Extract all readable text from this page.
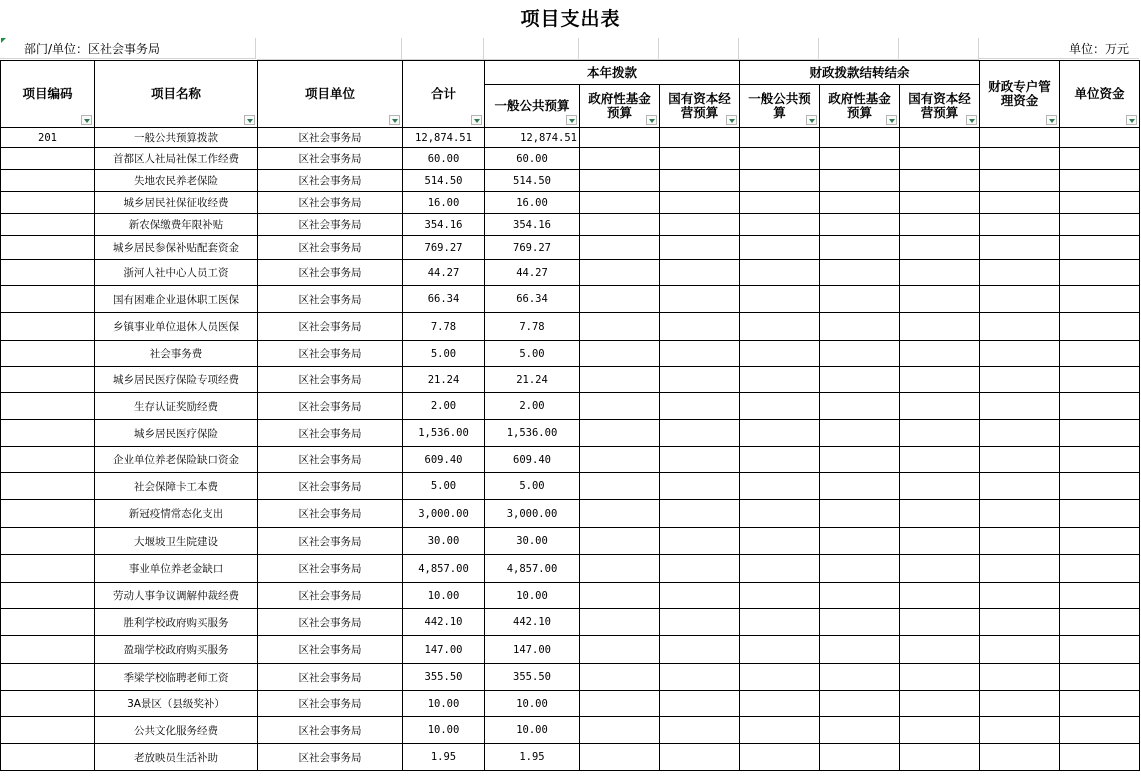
项目支出表
部门/单位：区社会事务局	单位：万元
项目编码	项目名称	项目单位	合计	本年拨款			财政拨款结转结余			财政专户管理资金	单位资金

				一般公共预算	政府性基金预算	国有资本经营预算	一般公共预算	政府性基金预算	国有资本经营预算		

201	一般公共预算拨款	区社会事务局	12,874.51	12,874.51							
	首都区人社局社保工作经费	区社会事务局	60.00	60.00							
	失地农民养老保险	区社会事务局	514.50	514.50							
	城乡居民社保征收经费	区社会事务局	16.00	16.00							
	新农保缴费年限补贴	区社会事务局	354.16	354.16							
	城乡居民参保补贴配套资金	区社会事务局	769.27	769.27							
	浙河人社中心人员工资	区社会事务局	44.27	44.27							
	国有困难企业退休职工医保	区社会事务局	66.34	66.34							
	乡镇事业单位退休人员医保	区社会事务局	7.78	7.78							
	社会事务费	区社会事务局	5.00	5.00							
	城乡居民医疗保险专项经费	区社会事务局	21.24	21.24							
	生存认证奖励经费	区社会事务局	2.00	2.00							
	城乡居民医疗保险	区社会事务局	1,536.00	1,536.00							
	企业单位养老保险缺口资金	区社会事务局	609.40	609.40							
	社会保障卡工本费	区社会事务局	5.00	5.00							
	新冠疫情常态化支出	区社会事务局	3,000.00	3,000.00							
	大堰坡卫生院建设	区社会事务局	30.00	30.00							
	事业单位养老金缺口	区社会事务局	4,857.00	4,857.00							
	劳动人事争议调解仲裁经费	区社会事务局	10.00	10.00							
	胜利学校政府购买服务	区社会事务局	442.10	442.10							
	盈瑞学校政府购买服务	区社会事务局	147.00	147.00							
	季梁学校临聘老师工资	区社会事务局	355.50	355.50							
	3A景区（县级奖补）	区社会事务局	10.00	10.00							
	公共文化服务经费	区社会事务局	10.00	10.00							
	老放映员生活补助	区社会事务局	1.95	1.95							
